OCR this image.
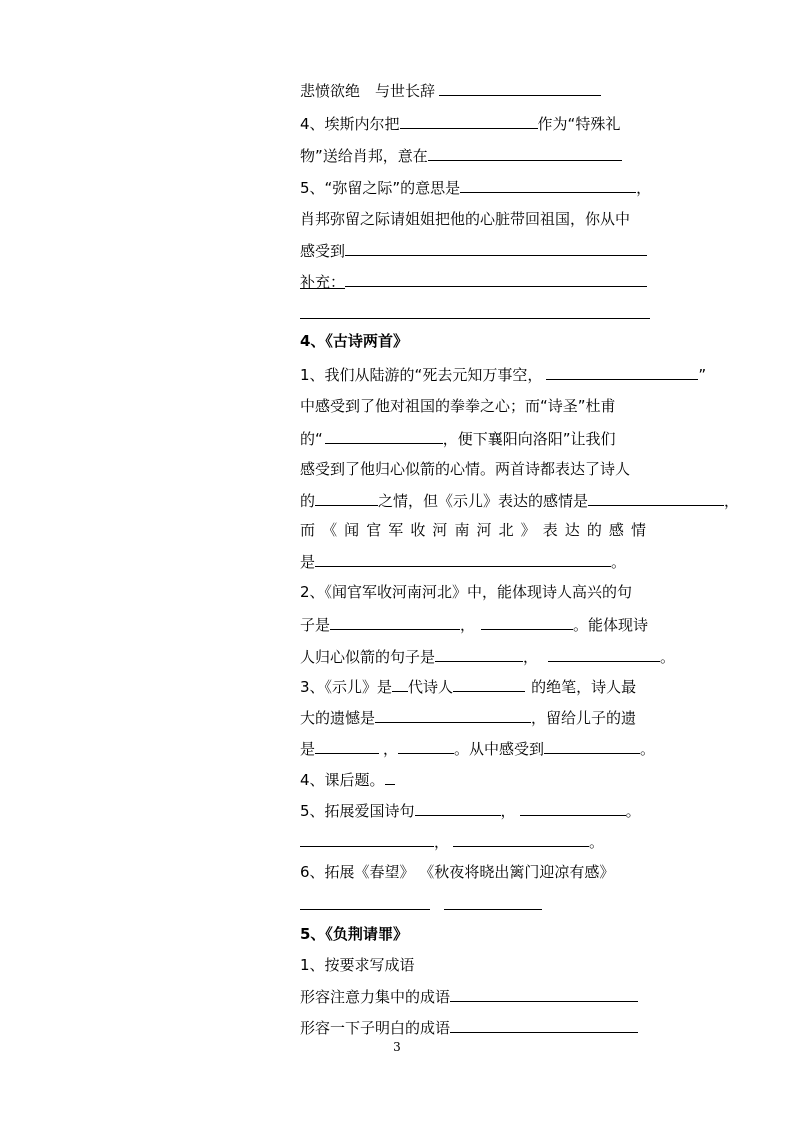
悲愤欲绝　与世长辞
4、埃斯内尔把	作为“特殊礼
物”送给肖邦，意在
5、“弥留之际”的意思是	，
肖邦弥留之际请姐姐把他的心脏带回祖国，你从中
感受到
补充：
4、《古诗两首》
1、我们从陆游的“死去元知万事空，	”
中感受到了他对祖国的拳拳之心；而“诗圣”杜甫
的“	，便下襄阳向洛阳”让我们
感受到了他归心似箭的心情。两首诗都表达了诗人
的	之情，但《示儿》表达的感情是	，
而 《 闻 官 军 收 河 南 河 北 》 表 达 的 感 情
是	。
2、《闻官军收河南河北》中，能体现诗人高兴的句
子是	，	。能体现诗
人归心似箭的句子是	，	。
3、《示儿》是 代诗人	的绝笔，诗人最
大的遗憾是	，留给儿子的遗
是	，	。从中感受到	。
4、课后题。
5、拓展爱国诗句	，	。
，	。
6、拓展《春望》 《秋夜将晓出篱门迎凉有感》
5、《负荆请罪》
1、按要求写成语
形容注意力集中的成语
形容一下子明白的成语
3
